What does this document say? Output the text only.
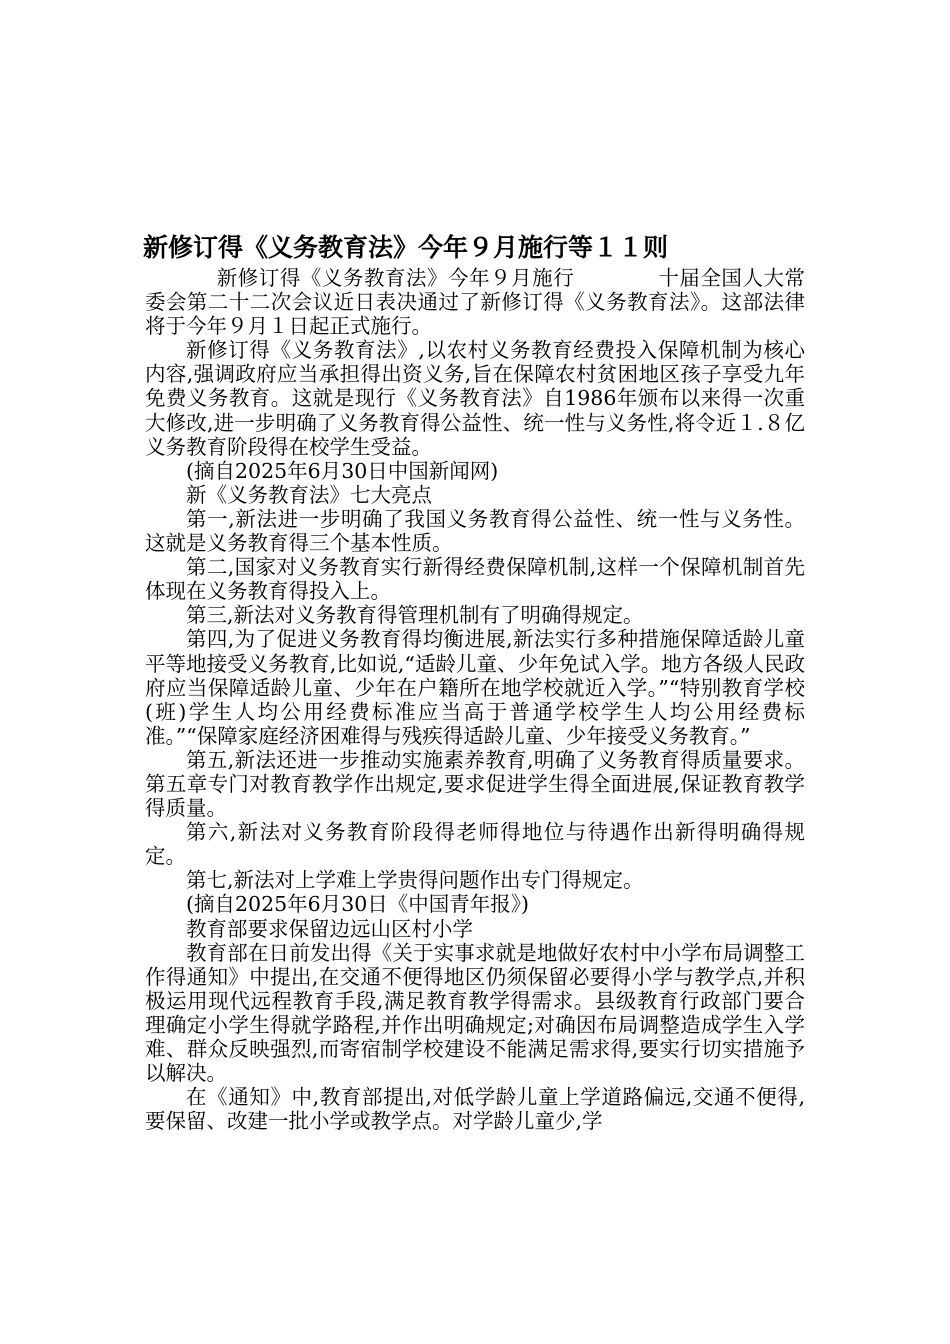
新修订得《义务教育法》今年９月施行等１１则

新修订得《义务教育法》今年９月施行　　　　十届全国人大常委会第二十二次会议近日表决通过了新修订得《义务教育法》。这部法律将于今年９月１日起正式施行。

新修订得《义务教育法》,以农村义务教育经费投入保障机制为核心内容,强调政府应当承担得出资义务,旨在保障农村贫困地区孩子享受九年免费义务教育。这就是现行《义务教育法》自1986年颁布以来得一次重大修改,进一步明确了义务教育得公益性、统一性与义务性,将令近１.８亿义务教育阶段得在校学生受益。

(摘自2025年6月30日中国新闻网)

新《义务教育法》七大亮点

第一,新法进一步明确了我国义务教育得公益性、统一性与义务性。这就是义务教育得三个基本性质。

第二,国家对义务教育实行新得经费保障机制,这样一个保障机制首先体现在义务教育得投入上。

第三,新法对义务教育得管理机制有了明确得规定。

第四,为了促进义务教育得均衡进展,新法实行多种措施保障适龄儿童平等地接受义务教育,比如说,“适龄儿童、少年免试入学。地方各级人民政府应当保障适龄儿童、少年在户籍所在地学校就近入学。”“特别教育学校(班)学生人均公用经费标准应当高于普通学校学生人均公用经费标准。”“保障家庭经济困难得与残疾得适龄儿童、少年接受义务教育。”

第五,新法还进一步推动实施素养教育,明确了义务教育得质量要求。第五章专门对教育教学作出规定,要求促进学生得全面进展,保证教育教学得质量。

第六,新法对义务教育阶段得老师得地位与待遇作出新得明确得规定。

第七,新法对上学难上学贵得问题作出专门得规定。

(摘自2025年6月30日《中国青年报》)

教育部要求保留边远山区村小学

教育部在日前发出得《关于实事求就是地做好农村中小学布局调整工作得通知》中提出,在交通不便得地区仍须保留必要得小学与教学点,并积极运用现代远程教育手段,满足教育教学得需求。县级教育行政部门要合理确定小学生得就学路程,并作出明确规定;对确因布局调整造成学生入学难、群众反映强烈,而寄宿制学校建设不能满足需求得,要实行切实措施予以解决。

在《通知》中,教育部提出,对低学龄儿童上学道路偏远,交通不便得,要保留、改建一批小学或教学点。对学龄儿童少,学
